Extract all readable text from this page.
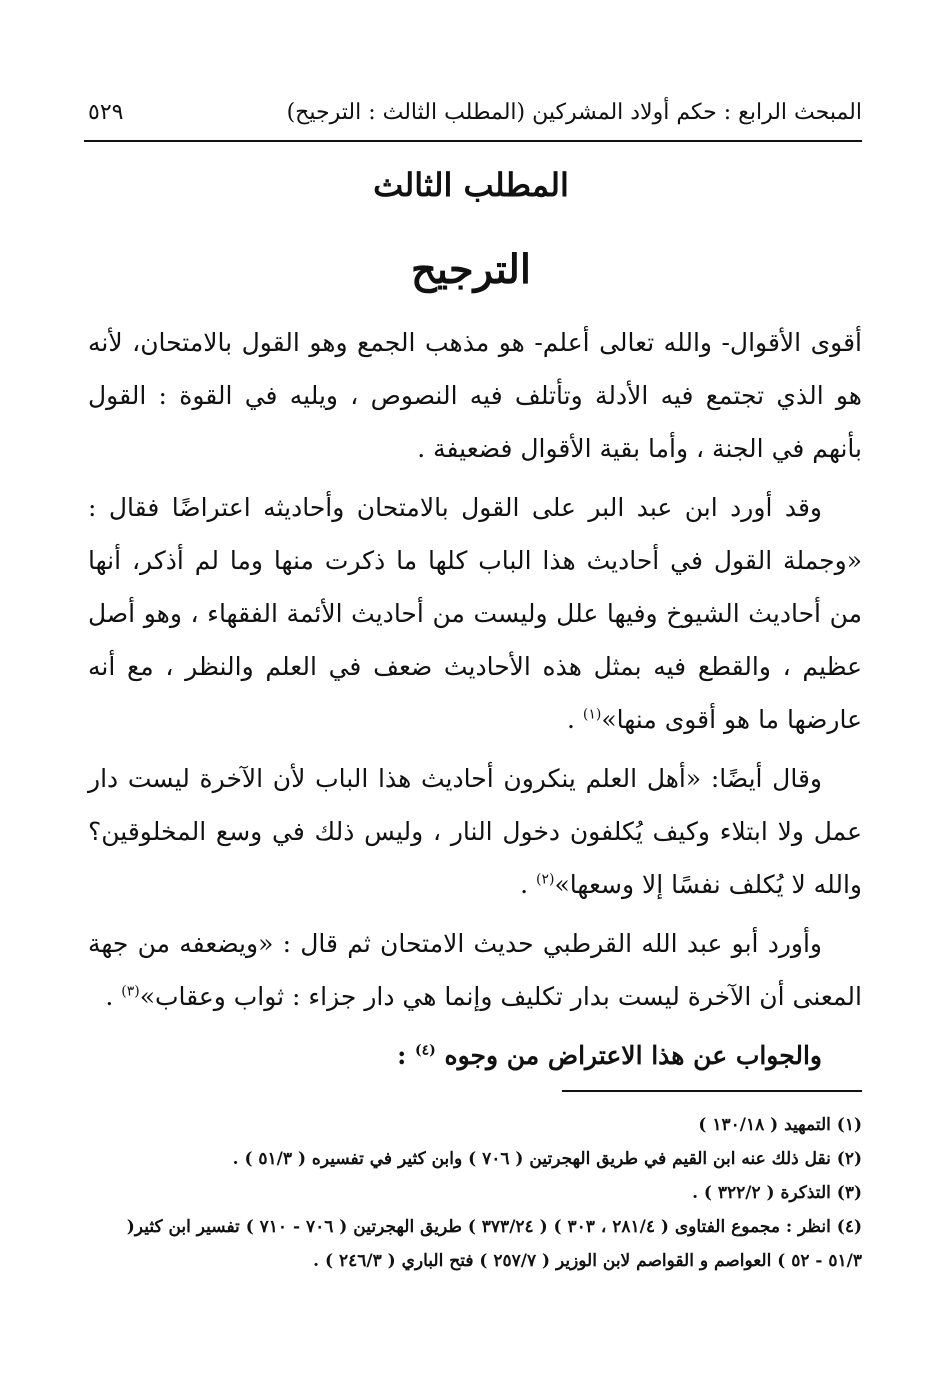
المبحث الرابع : حكم أولاد المشركين (المطلب الثالث : الترجيح)
٥٢٩
المطلب الثالث
الترجيح

أقوى الأقوال- والله تعالى أعلم- هو مذهب الجمع وهو القول بالامتحان، لأنه هو الذي تجتمع فيه الأدلة وتأتلف فيه النصوص ، ويليه في القوة : القول بأنهم في الجنة ، وأما بقية الأقوال فضعيفة .

وقد أورد ابن عبد البر على القول بالامتحان وأحاديثه اعتراضًا فقال : «وجملة القول في أحاديث هذا الباب كلها ما ذكرت منها وما لم أذكر، أنها من أحاديث الشيوخ وفيها علل وليست من أحاديث الأئمة الفقهاء ، وهو أصل عظيم ، والقطع فيه بمثل هذه الأحاديث ضعف في العلم والنظر ، مع أنه عارضها ما هو أقوى منها»$^{(١)}$ .

وقال أيضًا: «أهل العلم ينكرون أحاديث هذا الباب لأن الآخرة ليست دار عمل ولا ابتلاء وكيف يُكلفون دخول النار ، وليس ذلك في وسع المخلوقين؟ والله لا يُكلف نفسًا إلا وسعها»$^{(٢)}$ .

وأورد أبو عبد الله القرطبي حديث الامتحان ثم قال : «ويضعفه من جهة المعنى أن الآخرة ليست بدار تكليف وإنما هي دار جزاء : ثواب وعقاب»$^{(٣)}$ .

والجواب عن هذا الاعتراض من وجوه $^{(٤)}$ :

(١) التمهيد ( ١٣٠/١٨ )

(٢) نقل ذلك عنه ابن القيم في طريق الهجرتين ( ٧٠٦ ) وابن كثير في تفسيره ( ٥١/٣ ) .

(٣) التذكرة ( ٣٢٢/٢ ) .

(٤) انظر : مجموع الفتاوى ( ٢٨١/٤ ، ٣٠٣ ) ( ٣٧٣/٢٤ ) طريق الهجرتين ( ٧٠٦ - ٧١٠ ) تفسير ابن كثير( ٥١/٣ - ٥٢ ) العواصم و القواصم لابن الوزير ( ٢٥٧/٧ ) فتح الباري ( ٢٤٦/٣ ) .
